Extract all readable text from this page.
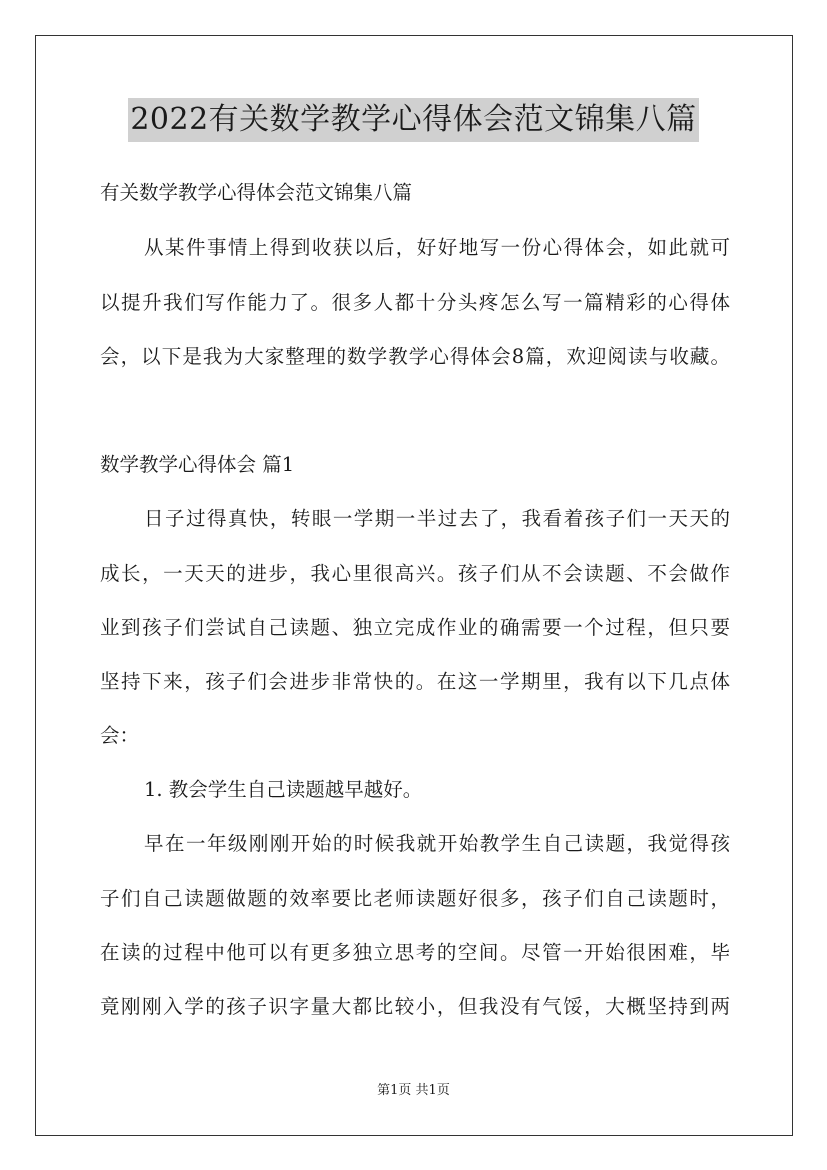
2022有关数学教学心得体会范文锦集八篇
有关数学教学心得体会范文锦集八篇
从某件事情上得到收获以后，好好地写一份心得体会，如此就可
以提升我们写作能力了。很多人都十分头疼怎么写一篇精彩的心得体
会，以下是我为大家整理的数学教学心得体会8篇，欢迎阅读与收藏。
数学教学心得体会 篇1
日子过得真快，转眼一学期一半过去了，我看着孩子们一天天的
成长，一天天的进步，我心里很高兴。孩子们从不会读题、不会做作
业到孩子们尝试自己读题、独立完成作业的确需要一个过程，但只要
坚持下来，孩子们会进步非常快的。在这一学期里，我有以下几点体
会：
1. 教会学生自己读题越早越好。
早在一年级刚刚开始的时候我就开始教学生自己读题，我觉得孩
子们自己读题做题的效率要比老师读题好很多，孩子们自己读题时，
在读的过程中他可以有更多独立思考的空间。尽管一开始很困难，毕
竟刚刚入学的孩子识字量大都比较小，但我没有气馁，大概坚持到两
第1页 共1页
